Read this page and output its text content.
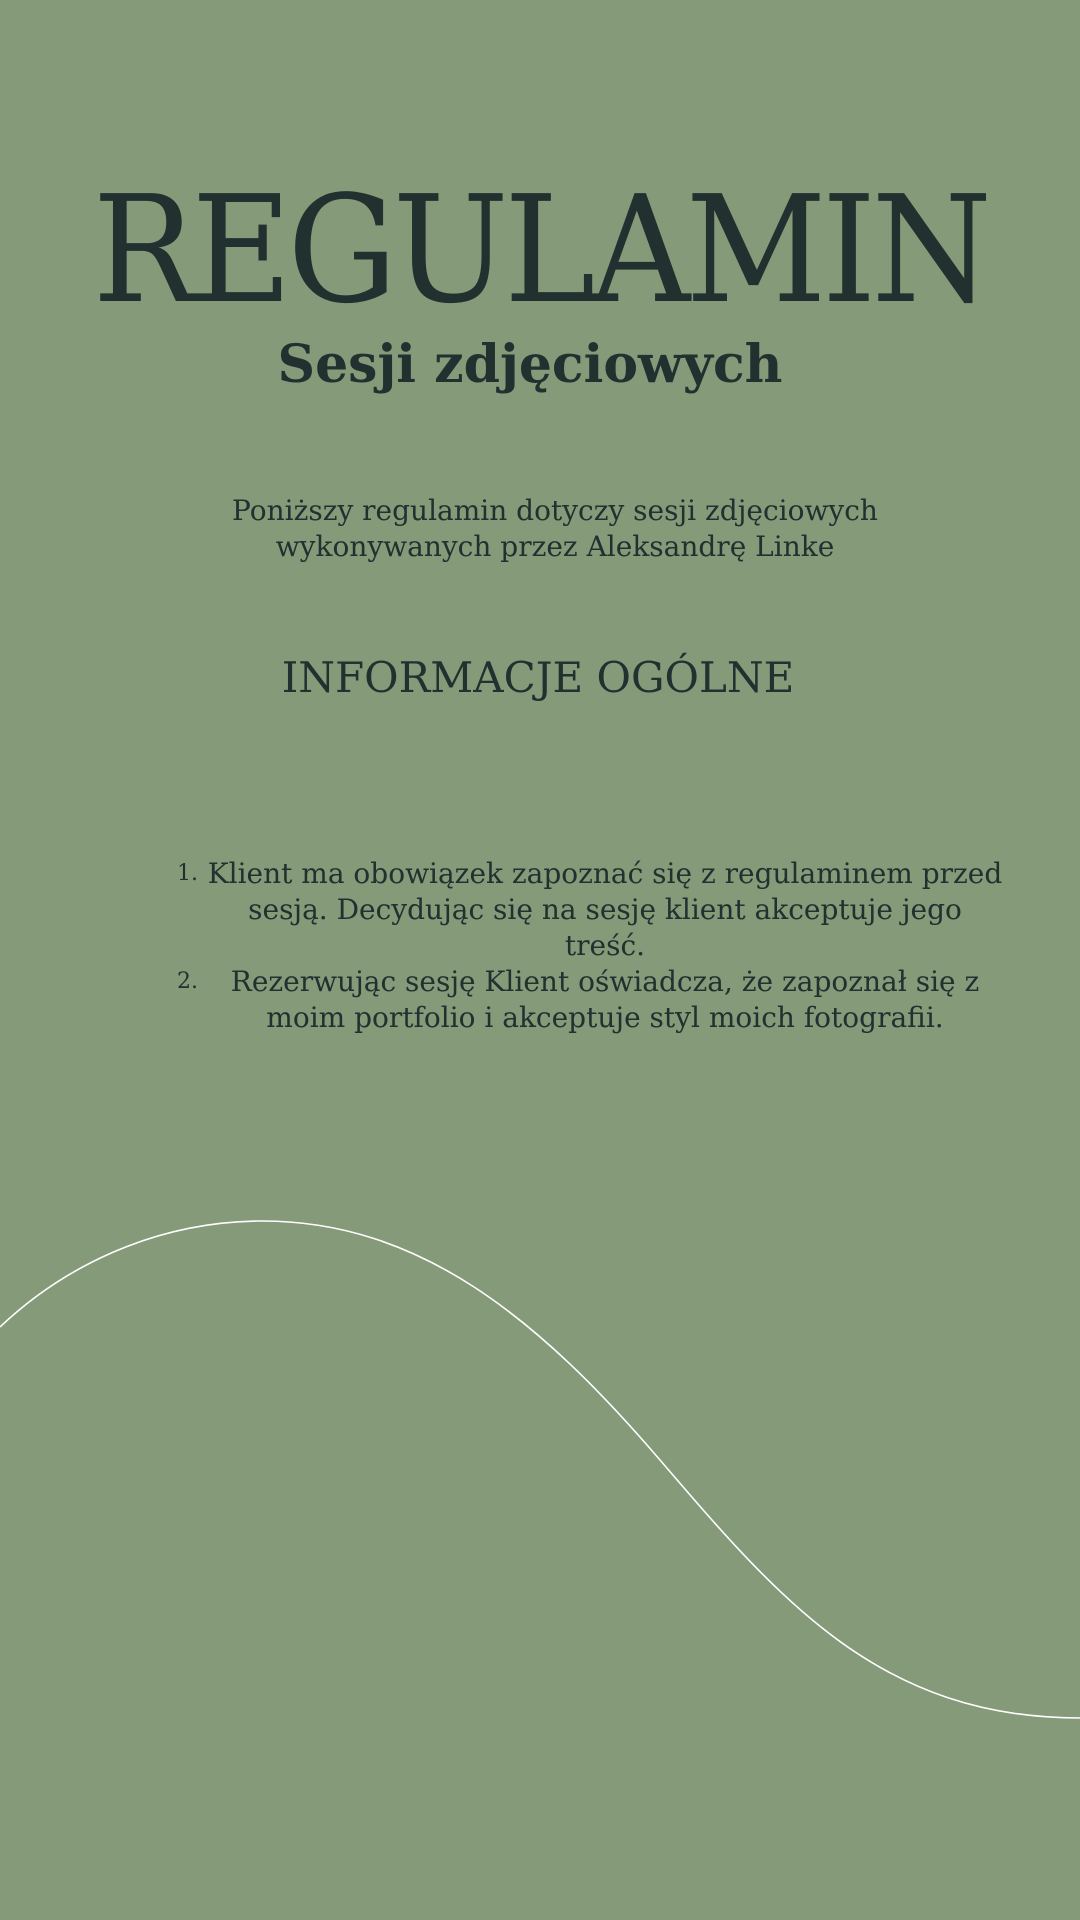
REGULAMIN
Sesji zdjęciowych

Poniższy regulamin dotyczy sesji zdjęciowych wykonywanych przez Aleksandrę Linke

INFORMACJE OGÓLNE
1. Klient ma obowiązek zapoznać się z regulaminem przed sesją. Decydując się na sesję klient akceptuje jego treść.
2. Rezerwując sesję Klient oświadcza, że zapoznał się z moim portfolio i akceptuje styl moich fotografii.
